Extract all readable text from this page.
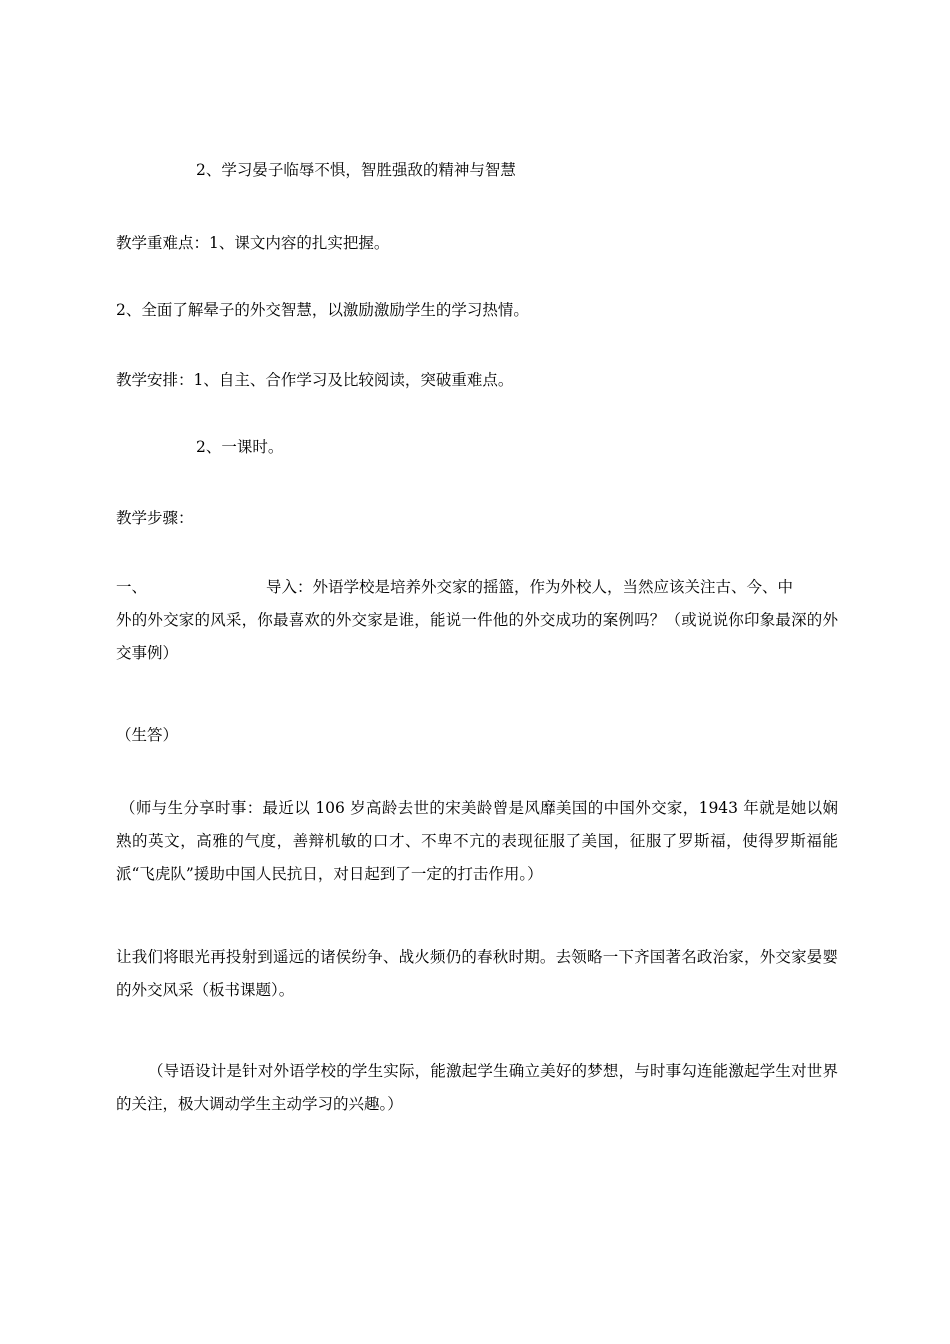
2、学习晏子临辱不惧，智胜强敌的精神与智慧
教学重难点：1、课文内容的扎实把握。
2、全面了解晕子的外交智慧，以激励激励学生的学习热情。
教学安排：1、自主、合作学习及比较阅读，突破重难点。
2、一课时。
教学步骤：
一、	导入：外语学校是培养外交家的摇篮，作为外校人，当然应该关注古、今、中
外的外交家的风采，你最喜欢的外交家是谁，能说一件他的外交成功的案例吗？（或说说你印象最深的外交事例）
（生答）
（师与生分享时事：最近以 106 岁高龄去世的宋美龄曾是风靡美国的中国外交家，1943 年就是她以娴熟的英文，高雅的气度，善辩机敏的口才、不卑不亢的表现征服了美国，征服了罗斯福，使得罗斯福能派“飞虎队”援助中国人民抗日，对日起到了一定的打击作用。）
让我们将眼光再投射到遥远的诸侯纷争、战火频仍的春秋时期。去领略一下齐国著名政治家，外交家晏婴的外交风采（板书课题）。
（导语设计是针对外语学校的学生实际，能激起学生确立美好的梦想，与时事勾连能激起学生对世界的关注，极大调动学生主动学习的兴趣。）
